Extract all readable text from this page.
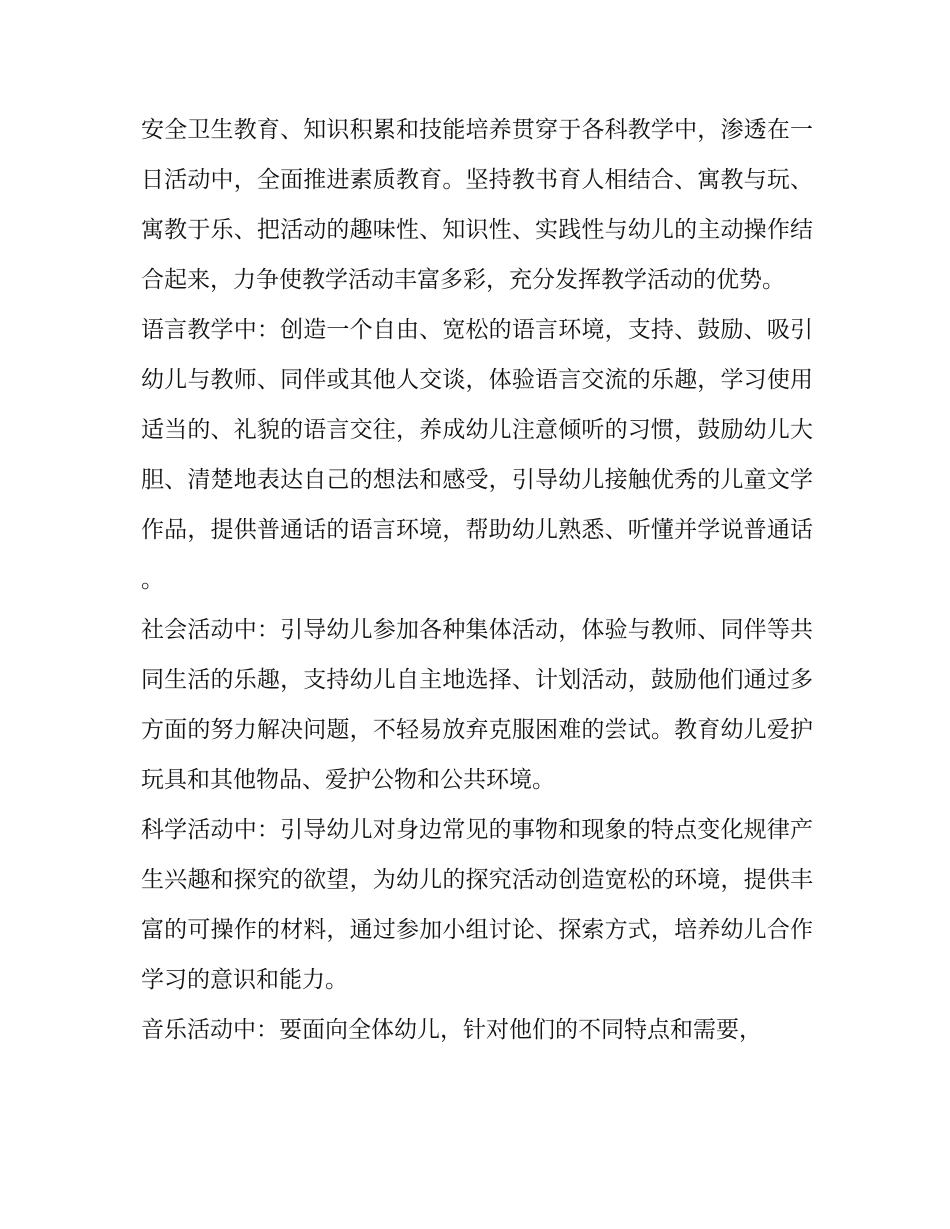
安全卫生教育、知识积累和技能培养贯穿于各科教学中，渗透在一日活动中，全面推进素质教育。坚持教书育人相结合、寓教与玩、寓教于乐、把活动的趣味性、知识性、实践性与幼儿的主动操作结合起来，力争使教学活动丰富多彩，充分发挥教学活动的优势。

语言教学中：创造一个自由、宽松的语言环境，支持、鼓励、吸引幼儿与教师、同伴或其他人交谈，体验语言交流的乐趣，学习使用适当的、礼貌的语言交往，养成幼儿注意倾听的习惯，鼓励幼儿大胆、清楚地表达自己的想法和感受，引导幼儿接触优秀的儿童文学作品，提供普通话的语言环境，帮助幼儿熟悉、听懂并学说普通话。

社会活动中：引导幼儿参加各种集体活动，体验与教师、同伴等共同生活的乐趣，支持幼儿自主地选择、计划活动，鼓励他们通过多方面的努力解决问题，不轻易放弃克服困难的尝试。教育幼儿爱护玩具和其他物品、爱护公物和公共环境。

科学活动中：引导幼儿对身边常见的事物和现象的特点变化规律产生兴趣和探究的欲望，为幼儿的探究活动创造宽松的环境，提供丰富的可操作的材料，通过参加小组讨论、探索方式，培养幼儿合作学习的意识和能力。

音乐活动中：要面向全体幼儿，针对他们的不同特点和需要，
